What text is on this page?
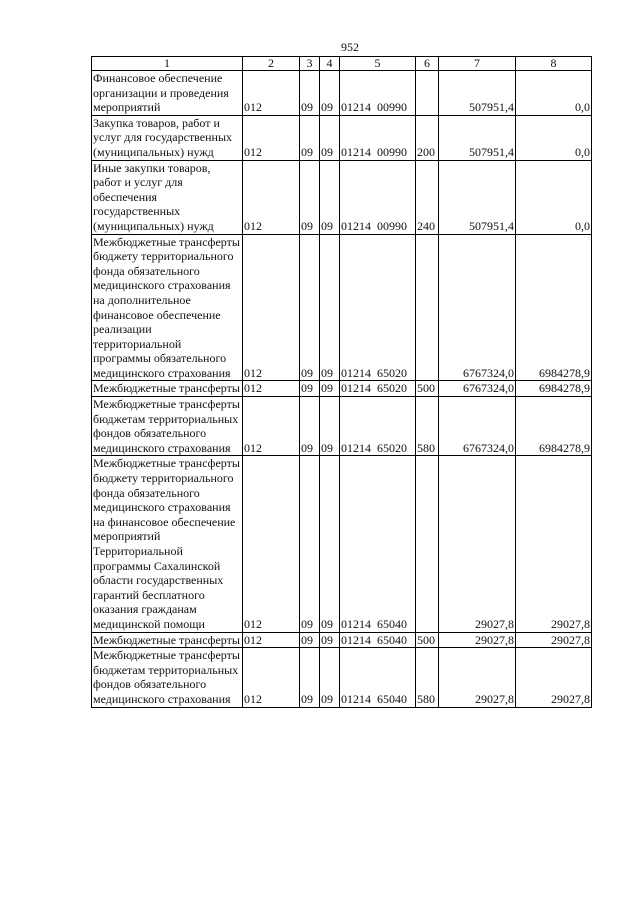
952
1	2	3	4	5	6	7	8
Финансовое обеспечение организации и проведения мероприятий	012	09	09	01214 00990		507951,4	0,0
Закупка товаров, работ и услуг для государственных (муниципальных) нужд	012	09	09	01214 00990	200	507951,4	0,0
Иные закупки товаров, работ и услуг для обеспечения государственных (муниципальных) нужд	012	09	09	01214 00990	240	507951,4	0,0
Межбюджетные трансферты бюджету территориального фонда обязательного медицинского страхования на дополнительное финансовое обеспечение реализации территориальной программы обязательного медицинского страхования	012	09	09	01214 65020		6767324,0	6984278,9
Межбюджетные трансферты	012	09	09	01214 65020	500	6767324,0	6984278,9
Межбюджетные трансферты бюджетам территориальных фондов обязательного медицинского страхования	012	09	09	01214 65020	580	6767324,0	6984278,9
Межбюджетные трансферты бюджету территориального фонда обязательного медицинского страхования на финансовое обеспечение мероприятий Территориальной программы Сахалинской области государственных гарантий бесплатного оказания гражданам медицинской помощи	012	09	09	01214 65040		29027,8	29027,8
Межбюджетные трансферты	012	09	09	01214 65040	500	29027,8	29027,8
Межбюджетные трансферты бюджетам территориальных фондов обязательного медицинского страхования	012	09	09	01214 65040	580	29027,8	29027,8
